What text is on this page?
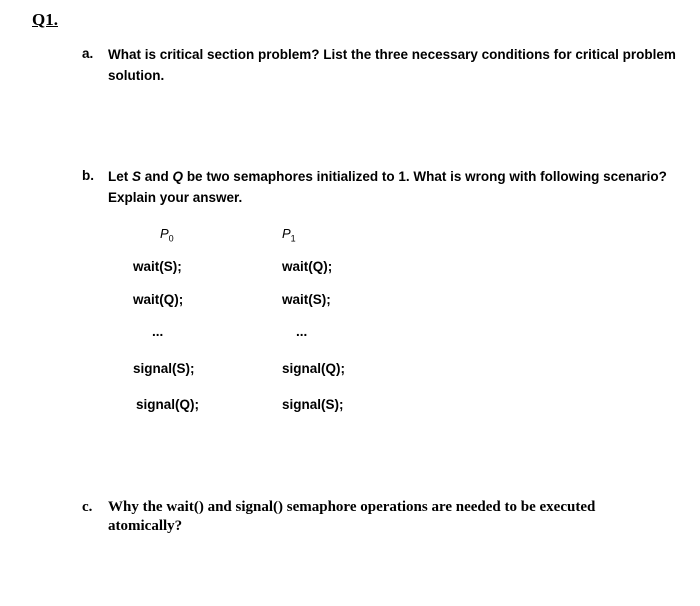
Q1.
a. What is critical section problem? List the three necessary conditions for critical problem
solution.
b. Let S and Q be two semaphores initialized to 1. What is wrong with following scenario?
Explain your answer.
$P_0$
wait(S);
wait(Q);
...
signal(S);
signal(Q);
$P_1$
wait(Q);
wait(S);
...
signal(Q);
signal(S);
c. Why the wait() and signal() semaphore operations are needed to be executed
atomically?
